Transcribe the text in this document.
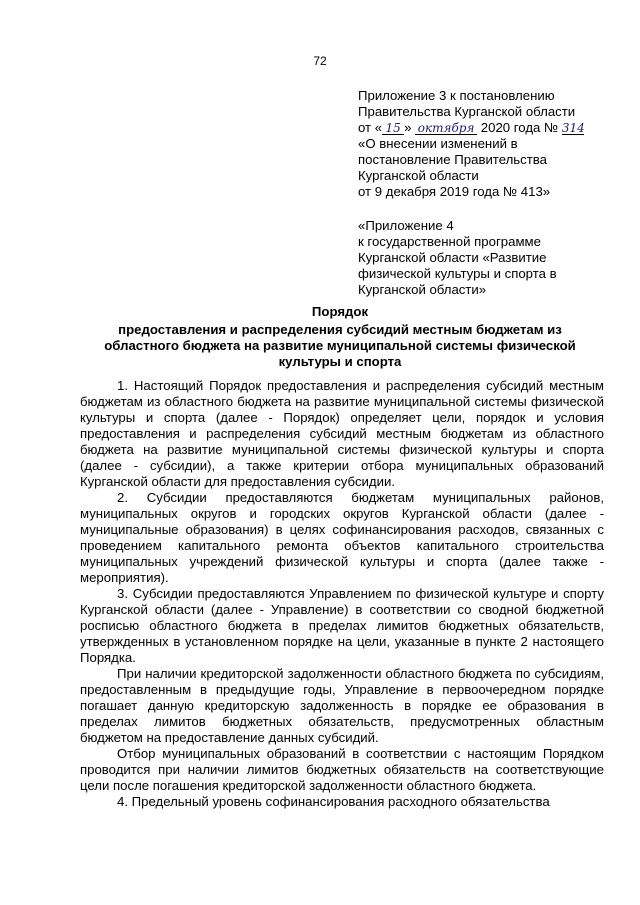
72
Приложение 3 к постановлению
Правительства Курганской области
от « 15 » октября 2020 года № 314
«О внесении изменений в
постановление Правительства
Курганской области
от 9 декабря 2019 года № 413»
«Приложение 4
к государственной программе
Курганской области «Развитие
физической культуры и спорта в
Курганской области»
Порядок
предоставления и распределения субсидий местным бюджетам из
областного бюджета на развитие муниципальной системы физической
культуры и спорта

1. Настоящий Порядок предоставления и распределения субсидий местным бюджетам из областного бюджета на развитие муниципальной системы физической культуры и спорта (далее - Порядок) определяет цели, порядок и условия предоставления и распределения субсидий местным бюджетам из областного бюджета на развитие муниципальной системы физической культуры и спорта (далее - субсидии), а также критерии отбора муниципальных образований Курганской области для предоставления субсидии.

2. Субсидии предоставляются бюджетам муниципальных районов, муниципальных округов и городских округов Курганской области (далее - муниципальные образования) в целях софинансирования расходов, связанных с проведением капитального ремонта объектов капитального строительства муниципальных учреждений физической культуры и спорта (далее также - мероприятия).

3. Субсидии предоставляются Управлением по физической культуре и спорту Курганской области (далее - Управление) в соответствии со сводной бюджетной росписью областного бюджета в пределах лимитов бюджетных обязательств, утвержденных в установленном порядке на цели, указанные в пункте 2 настоящего Порядка.

При наличии кредиторской задолженности областного бюджета по субсидиям, предоставленным в предыдущие годы, Управление в первоочередном порядке погашает данную кредиторскую задолженность в порядке ее образования в пределах лимитов бюджетных обязательств, предусмотренных областным бюджетом на предоставление данных субсидий.

Отбор муниципальных образований в соответствии с настоящим Порядком проводится при наличии лимитов бюджетных обязательств на соответствующие цели после погашения кредиторской задолженности областного бюджета.

4. Предельный уровень софинансирования расходного обязательства
